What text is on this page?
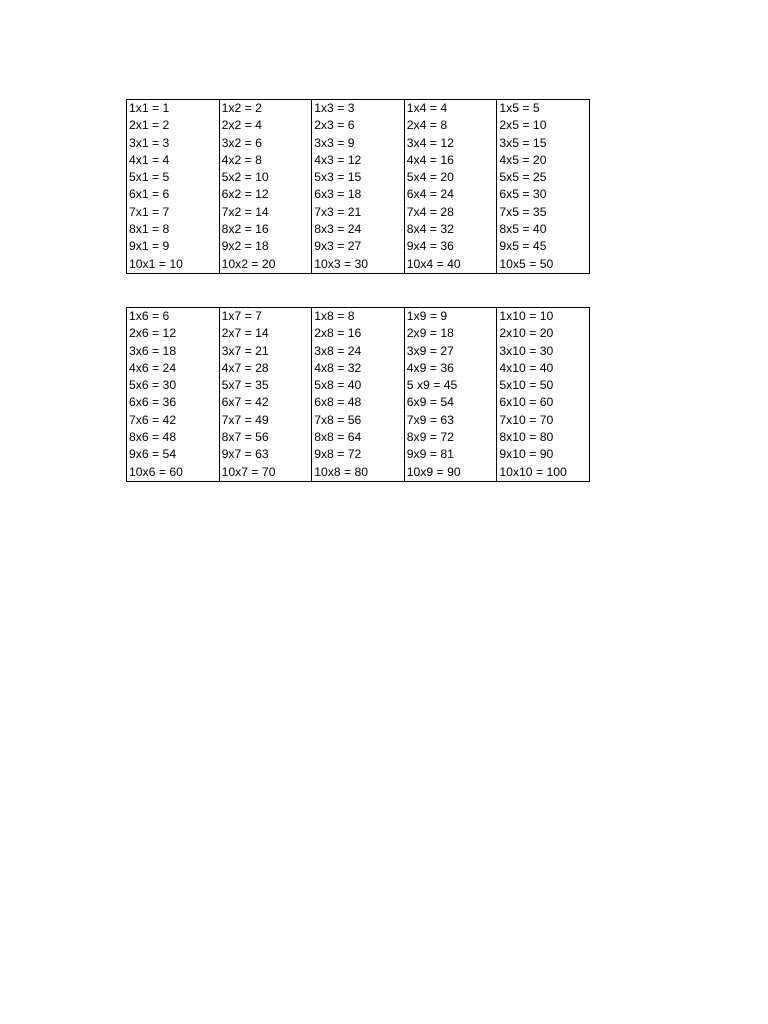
1x1 = 1	1x2 = 2	1x3 = 3	1x4 = 4	1x5 = 5
2x1 = 2	2x2 = 4	2x3 = 6	2x4 = 8	2x5 = 10
3x1 = 3	3x2 = 6	3x3 = 9	3x4 = 12	3x5 = 15
4x1 = 4	4x2 = 8	4x3 = 12	4x4 = 16	4x5 = 20
5x1 = 5	5x2 = 10	5x3 = 15	5x4 = 20	5x5 = 25
6x1 = 6	6x2 = 12	6x3 = 18	6x4 = 24	6x5 = 30
7x1 = 7	7x2 = 14	7x3 = 21	7x4 = 28	7x5 = 35
8x1 = 8	8x2 = 16	8x3 = 24	8x4 = 32	8x5 = 40
9x1 = 9	9x2 = 18	9x3 = 27	9x4 = 36	9x5 = 45
10x1 = 10	10x2 = 20	10x3 = 30	10x4 = 40	10x5 = 50
1x6 = 6	1x7 = 7	1x8 = 8	1x9 = 9	1x10 = 10
2x6 = 12	2x7 = 14	2x8 = 16	2x9 = 18	2x10 = 20
3x6 = 18	3x7 = 21	3x8 = 24	3x9 = 27	3x10 = 30
4x6 = 24	4x7 = 28	4x8 = 32	4x9 = 36	4x10 = 40
5x6 = 30	5x7 = 35	5x8 = 40	5 x9 = 45	5x10 = 50
6x6 = 36	6x7 = 42	6x8 = 48	6x9 = 54	6x10 = 60
7x6 = 42	7x7 = 49	7x8 = 56	7x9 = 63	7x10 = 70
8x6 = 48	8x7 = 56	8x8 = 64	8x9 = 72	8x10 = 80
9x6 = 54	9x7 = 63	9x8 = 72	9x9 = 81	9x10 = 90
10x6 = 60	10x7 = 70	10x8 = 80	10x9 = 90	10x10 = 100
